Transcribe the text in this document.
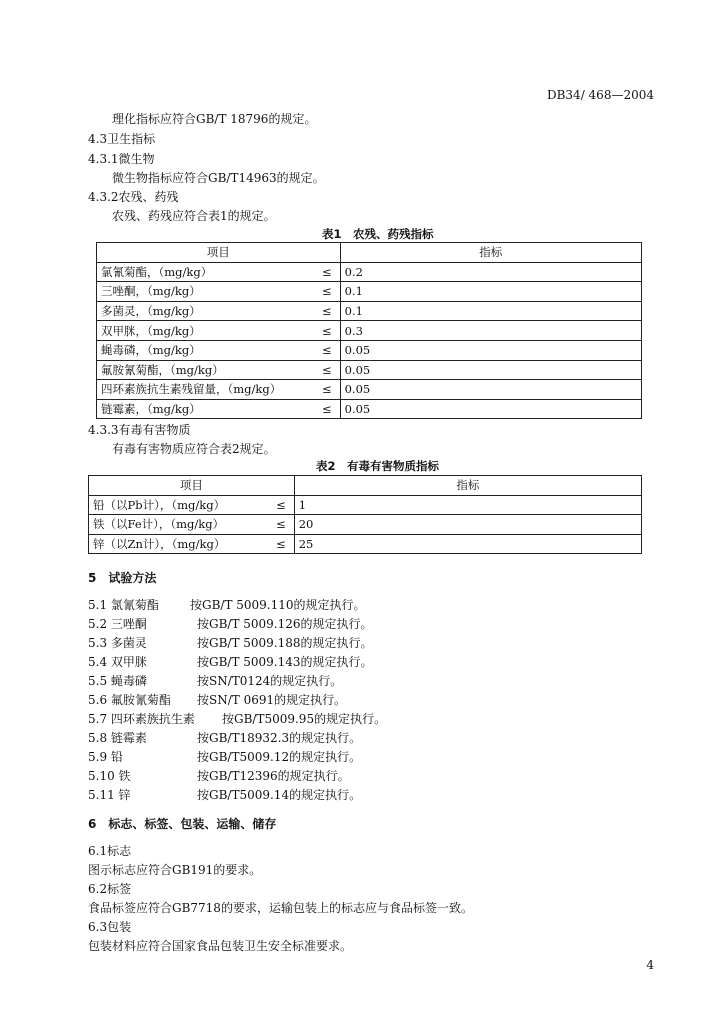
DB34/ 468—2004
理化指标应符合GB/T 18796的规定。
4.3卫生指标
4.3.1微生物
微生物指标应符合GB/T14963的规定。
4.3.2农残、药残
农残、药残应符合表1的规定。
表1　农残、药残指标
项目		指标
氯氰菊酯，（mg/kg）	≤	0.2
三唑酮，（mg/kg）	≤	0.1
多菌灵，（mg/kg）	≤	0.1
双甲脒，（mg/kg）	≤	0.3
蝇毒磷，（mg/kg）	≤	0.05
氟胺氰菊酯，（mg/kg）	≤	0.05
四环素族抗生素残留量，（mg/kg）	≤	0.05
链霉素，（mg/kg）	≤	0.05
4.3.3有毒有害物质
有毒有害物质应符合表2规定。
表2　有毒有害物质指标
项目		指标
铅（以Pb计），（mg/kg）	≤	1
铁（以Fe计），（mg/kg）	≤	20
锌（以Zn计），（mg/kg）	≤	25
5　试验方法
5.1 氯氰菊酯	按GB/T 5009.110的规定执行。
5.2 三唑酮	按GB/T 5009.126的规定执行。
5.3 多菌灵	按GB/T 5009.188的规定执行。
5.4 双甲脒	按GB/T 5009.143的规定执行。
5.5 蝇毒磷	按SN/T0124的规定执行。
5.6 氟胺氰菊酯 按SN/T 0691的规定执行。
5.7 四环素族抗生素 按GB/T5009.95的规定执行。
5.8 链霉素	按GB/T18932.3的规定执行。
5.9 铅	按GB/T5009.12的规定执行。
5.10 铁	按GB/T12396的规定执行。
5.11 锌	按GB/T5009.14的规定执行。
6　标志、标签、包装、运输、储存
6.1标志
图示标志应符合GB191的要求。
6.2标签
食品标签应符合GB7718的要求，运输包装上的标志应与食品标签一致。
6.3包装
包装材料应符合国家食品包装卫生安全标准要求。
4
